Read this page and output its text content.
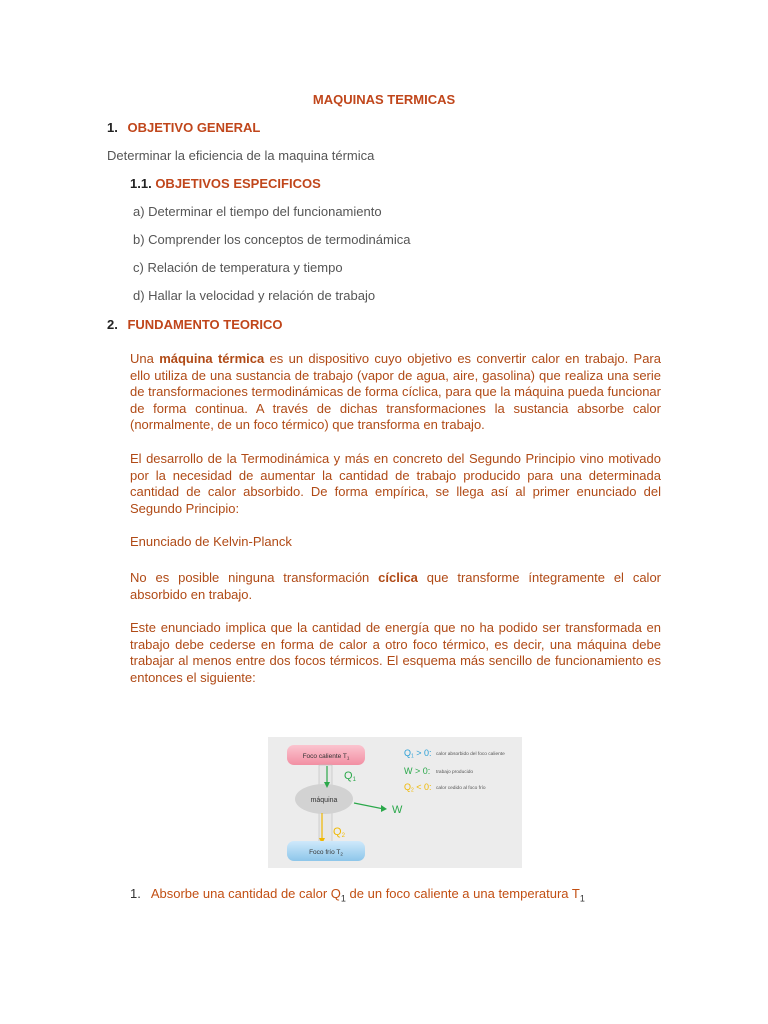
MAQUINAS TERMICAS
1. OBJETIVO GENERAL
Determinar la eficiencia de la maquina térmica
1.1. OBJETIVOS ESPECIFICOS
a) Determinar el tiempo del funcionamiento
b) Comprender los conceptos de termodinámica
c) Relación de temperatura y tiempo
d) Hallar la velocidad y relación de trabajo
2. FUNDAMENTO TEORICO
Una máquina térmica es un dispositivo cuyo objetivo es convertir calor en trabajo. Para ello utiliza de una sustancia de trabajo (vapor de agua, aire, gasolina) que realiza una serie de transformaciones termodinámicas de forma cíclica, para que la máquina pueda funcionar de forma continua. A través de dichas transformaciones la sustancia absorbe calor (normalmente, de un foco térmico) que transforma en trabajo.
El desarrollo de la Termodinámica y más en concreto del Segundo Principio vino motivado por la necesidad de aumentar la cantidad de trabajo producido para una determinada cantidad de calor absorbido. De forma empírica, se llega así al primer enunciado del Segundo Principio:
Enunciado de Kelvin-Planck
No es posible ninguna transformación cíclica que transforme íntegramente el calor absorbido en trabajo.
Este enunciado implica que la cantidad de energía que no ha podido ser transformada en trabajo debe cederse en forma de calor a otro foco térmico, es decir, una máquina debe trabajar al menos entre dos focos térmicos. El esquema más sencillo de funcionamiento es entonces el siguiente:
Foco caliente $T_1$
máquina
Q1
Q2
W
Foco frío $T_2$
Q1 > 0: calor absorbido del foco caliente
W > 0: trabajo producido
Q2 < 0: calor cedido al foco frío
1. Absorbe una cantidad de calor $Q_1$ de un foco caliente a una temperatura $T_1$
